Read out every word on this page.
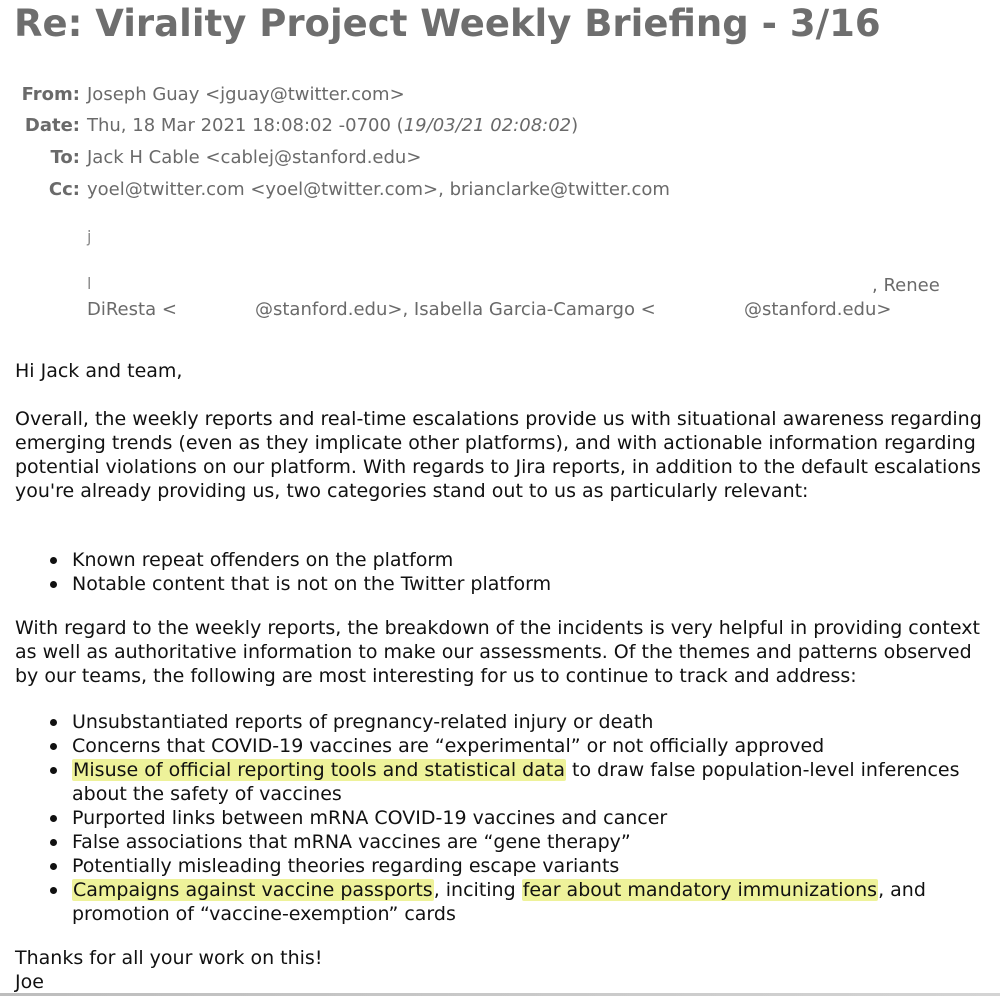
Re: Virality Project Weekly Briefing - 3/16
From: Joseph Guay <jguay@twitter.com>
Date: Thu, 18 Mar 2021 18:08:02 -0700 (19/03/21 02:08:02)
To: Jack H Cable <cablej@stanford.edu>
Cc: yoel@twitter.com <yoel@twitter.com>, brianclarke@twitter.com
j
l	, Renee
DiResta <	@stanford.edu>, Isabella Garcia-Camargo <	@stanford.edu>

Hi Jack and team,

Overall, the weekly reports and real-time escalations provide us with situational awareness regarding emerging trends (even as they implicate other platforms), and with actionable information regarding potential violations on our platform. With regards to Jira reports, in addition to the default escalations you're already providing us, two categories stand out to us as particularly relevant:

Known repeat offenders on the platform
Notable content that is not on the Twitter platform

With regard to the weekly reports, the breakdown of the incidents is very helpful in providing context as well as authoritative information to make our assessments. Of the themes and patterns observed by our teams, the following are most interesting for us to continue to track and address:

Unsubstantiated reports of pregnancy-related injury or death
Concerns that COVID-19 vaccines are “experimental” or not officially approved
Misuse of official reporting tools and statistical data to draw false population-level inferences about the safety of vaccines
Purported links between mRNA COVID-19 vaccines and cancer
False associations that mRNA vaccines are “gene therapy”
Potentially misleading theories regarding escape variants
Campaigns against vaccine passports, inciting fear about mandatory immunizations, and promotion of “vaccine-exemption” cards

Thanks for all your work on this!

Joe
